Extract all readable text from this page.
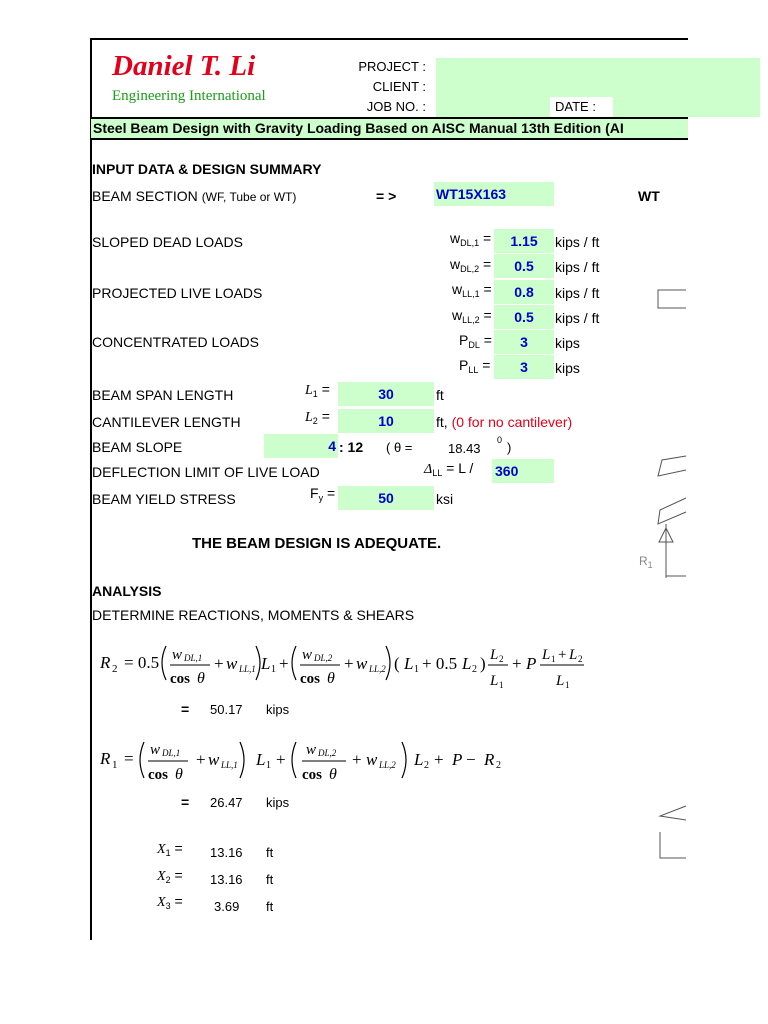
Daniel T. Li
Engineering International
PROJECT :
CLIENT :
JOB NO. :	DATE :
Steel Beam Design with Gravity Loading Based on AISC Manual 13th Edition (AI
INPUT DATA & DESIGN SUMMARY
BEAM SECTION (WF, Tube or WT)	= >	WT15X163	WT
SLOPED DEAD LOADS	$w_{DL,1}$ =	1.15	kips / ft
$w_{DL,2}$ =	0.5	kips / ft
PROJECTED LIVE LOADS	$w_{LL,1}$ =	0.8	kips / ft
$w_{LL,2}$ =	0.5	kips / ft
CONCENTRATED LOADS	$P_{DL}$ =	3	kips
$P_{LL}$ =	3	kips
BEAM SPAN LENGTH	$L_1$ =	30	ft
CANTILEVER LENGTH	$L_2$ =	10	ft, (0 for no cantilever)
BEAM SLOPE	4 : 12 ( θ =	18.43
0 )
DEFLECTION LIMIT OF LIVE LOAD	$\Delta_{LL} = L / 360$
BEAM YIELD STRESS	$F_y$ =	50	ksi
THE BEAM DESIGN IS ADEQUATE.
ANALYSIS
DETERMINE REACTIONS, MOMENTS & SHEARS
R 2 = 0.5 w DL,1
cos θ
+ w LL,1 L 1 + w DL,2
cos θ
+ w LL,2 ( L 1 + 0.5 L 2 ) L 2
L 1
+ P L 1 + L 2
L 1
= 50.17 kips
R 1 = w DL,1
cos θ
+ w LL,1 L 1 + w DL,2
cos θ
+ w LL,2 L 2 + P − R 2
= 26.47 kips
$X_1 = 13.16$ ft
$X_2 = 13.16$ ft
$X_3 = 3.69$ ft
$R_1$
